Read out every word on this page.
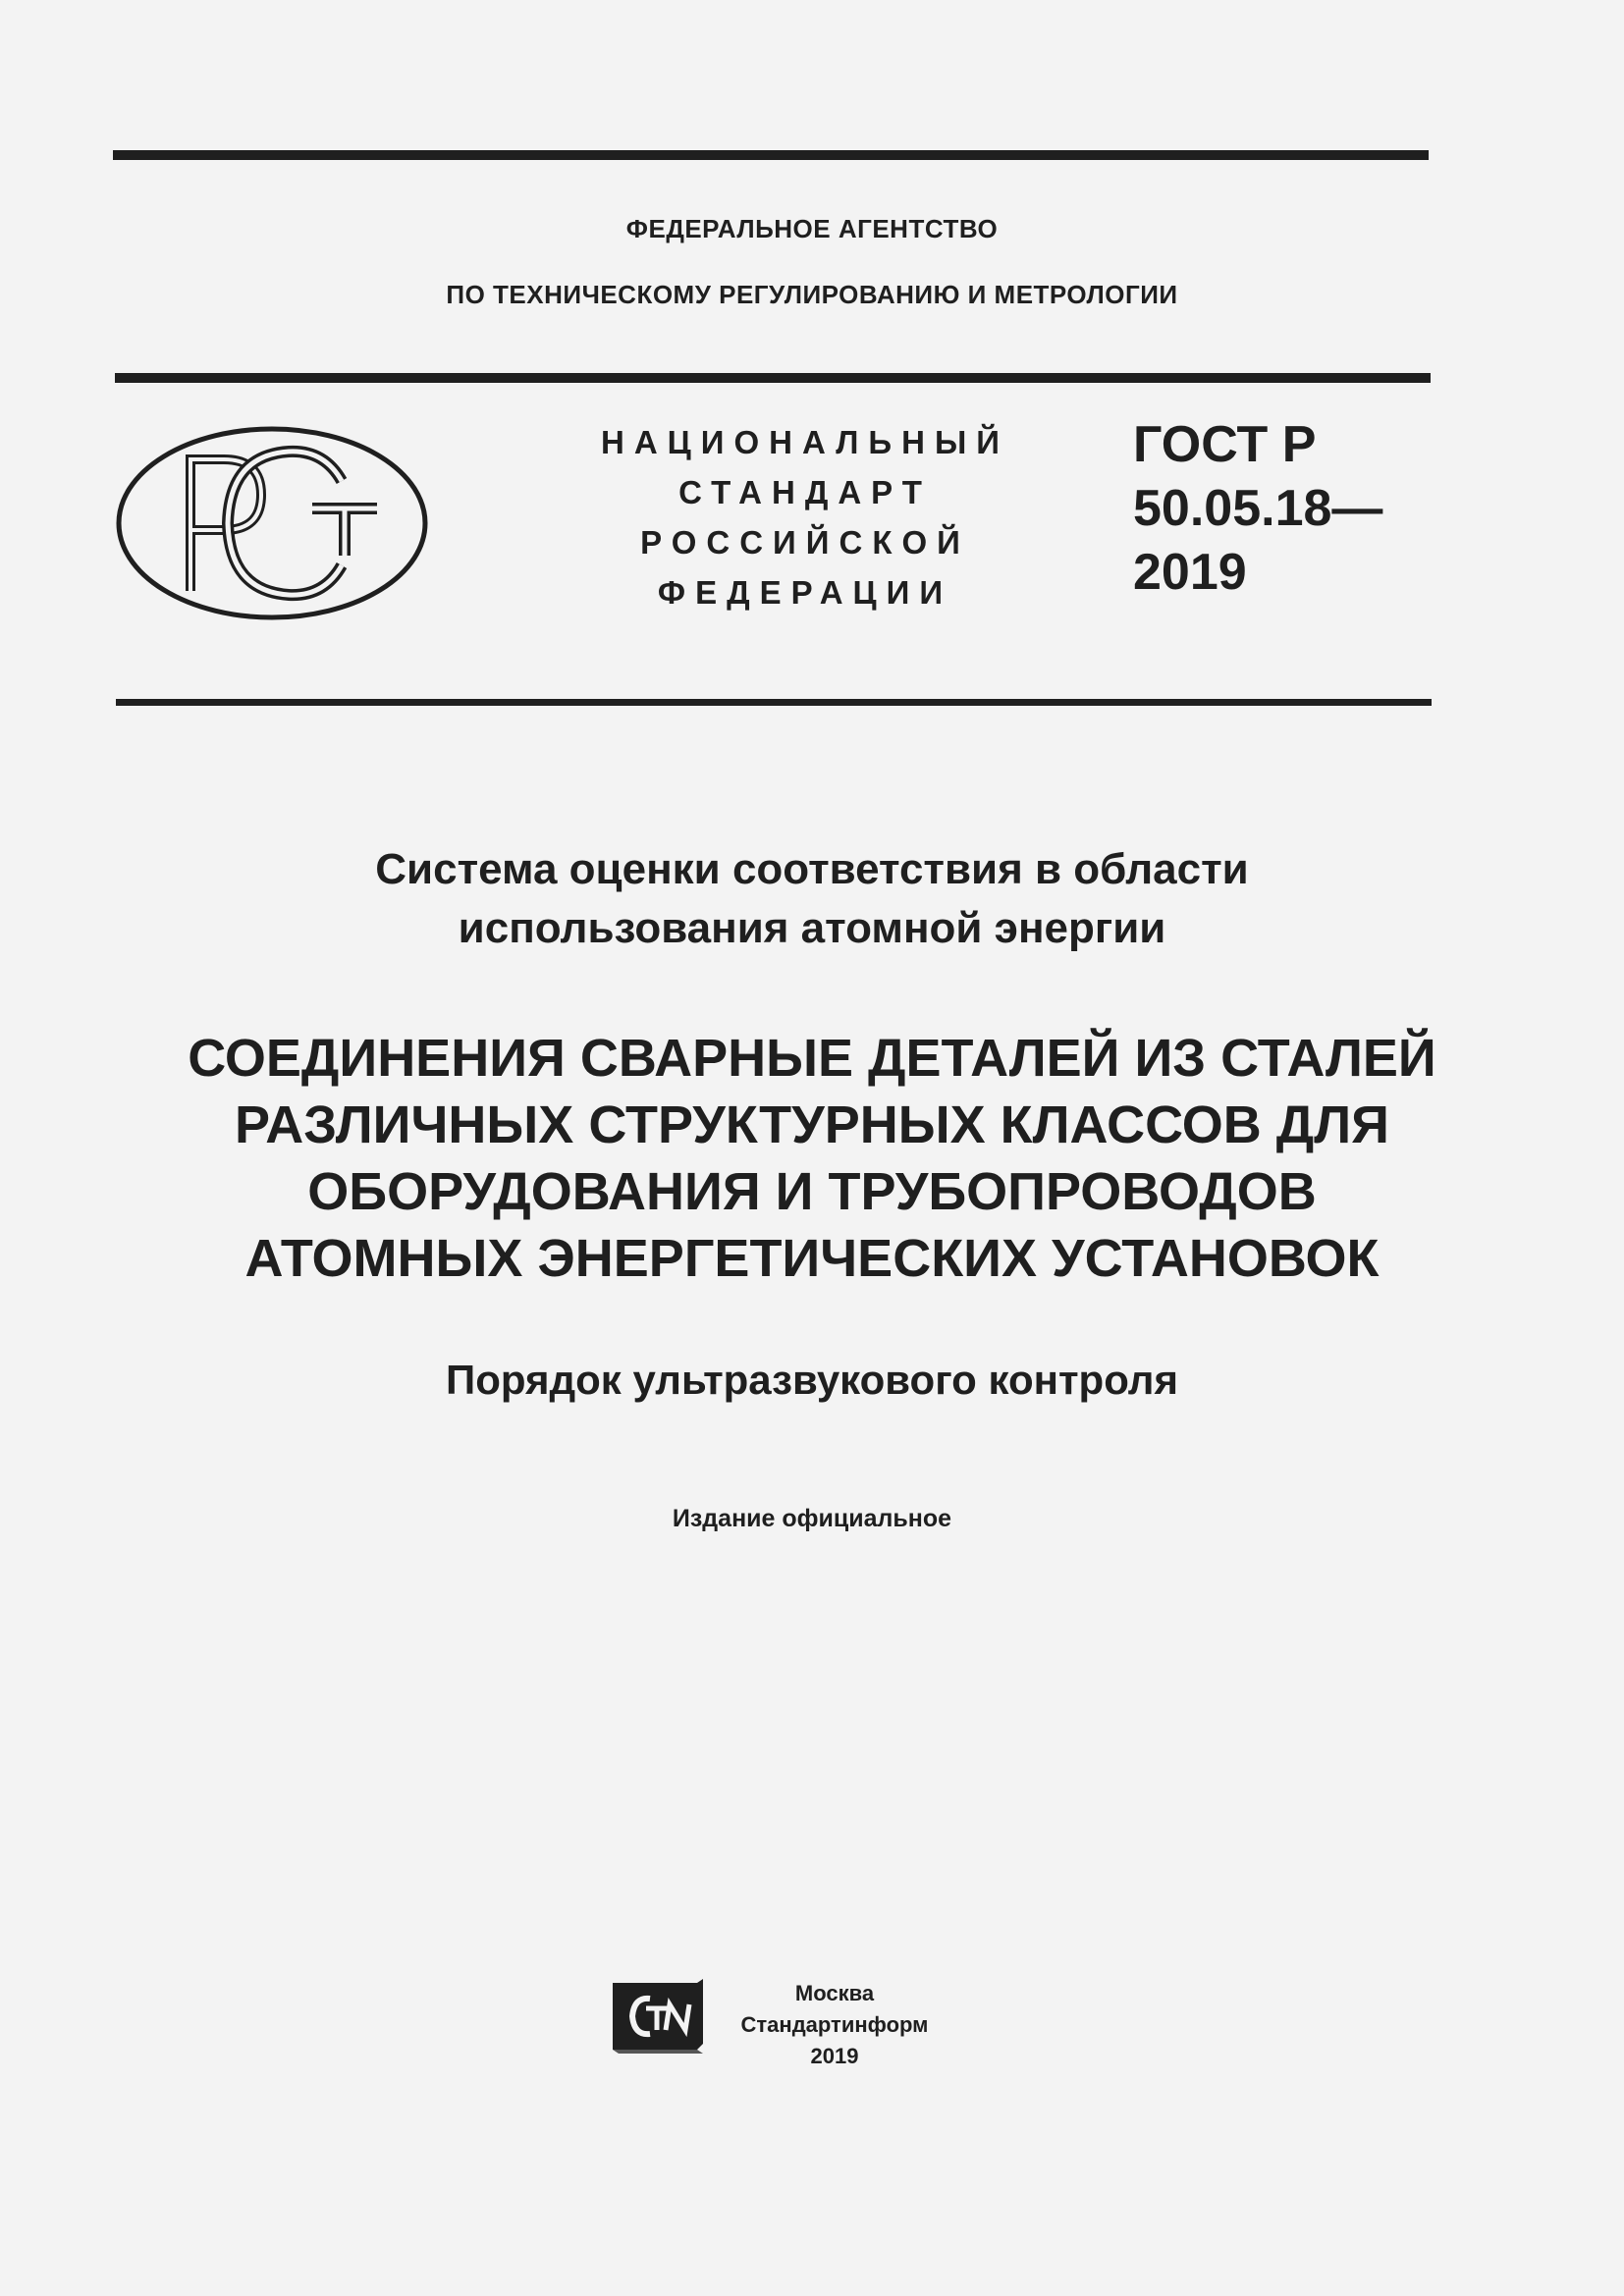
ФЕДЕРАЛЬНОЕ АГЕНТСТВО
ПО ТЕХНИЧЕСКОМУ РЕГУЛИРОВАНИЮ И МЕТРОЛОГИИ
НАЦИОНАЛЬНЫЙ
СТАНДАРТ
РОССИЙСКОЙ
ФЕДЕРАЦИИ
ГОСТ Р
50.05.18—
2019
Система оценки соответствия в области
использования атомной энергии
СОЕДИНЕНИЯ СВАРНЫЕ ДЕТАЛЕЙ ИЗ СТАЛЕЙ
РАЗЛИЧНЫХ СТРУКТУРНЫХ КЛАССОВ ДЛЯ
ОБОРУДОВАНИЯ И ТРУБОПРОВОДОВ
АТОМНЫХ ЭНЕРГЕТИЧЕСКИХ УСТАНОВОК
Порядок ультразвукового контроля
Издание официальное
Москва
Стандартинформ
2019
